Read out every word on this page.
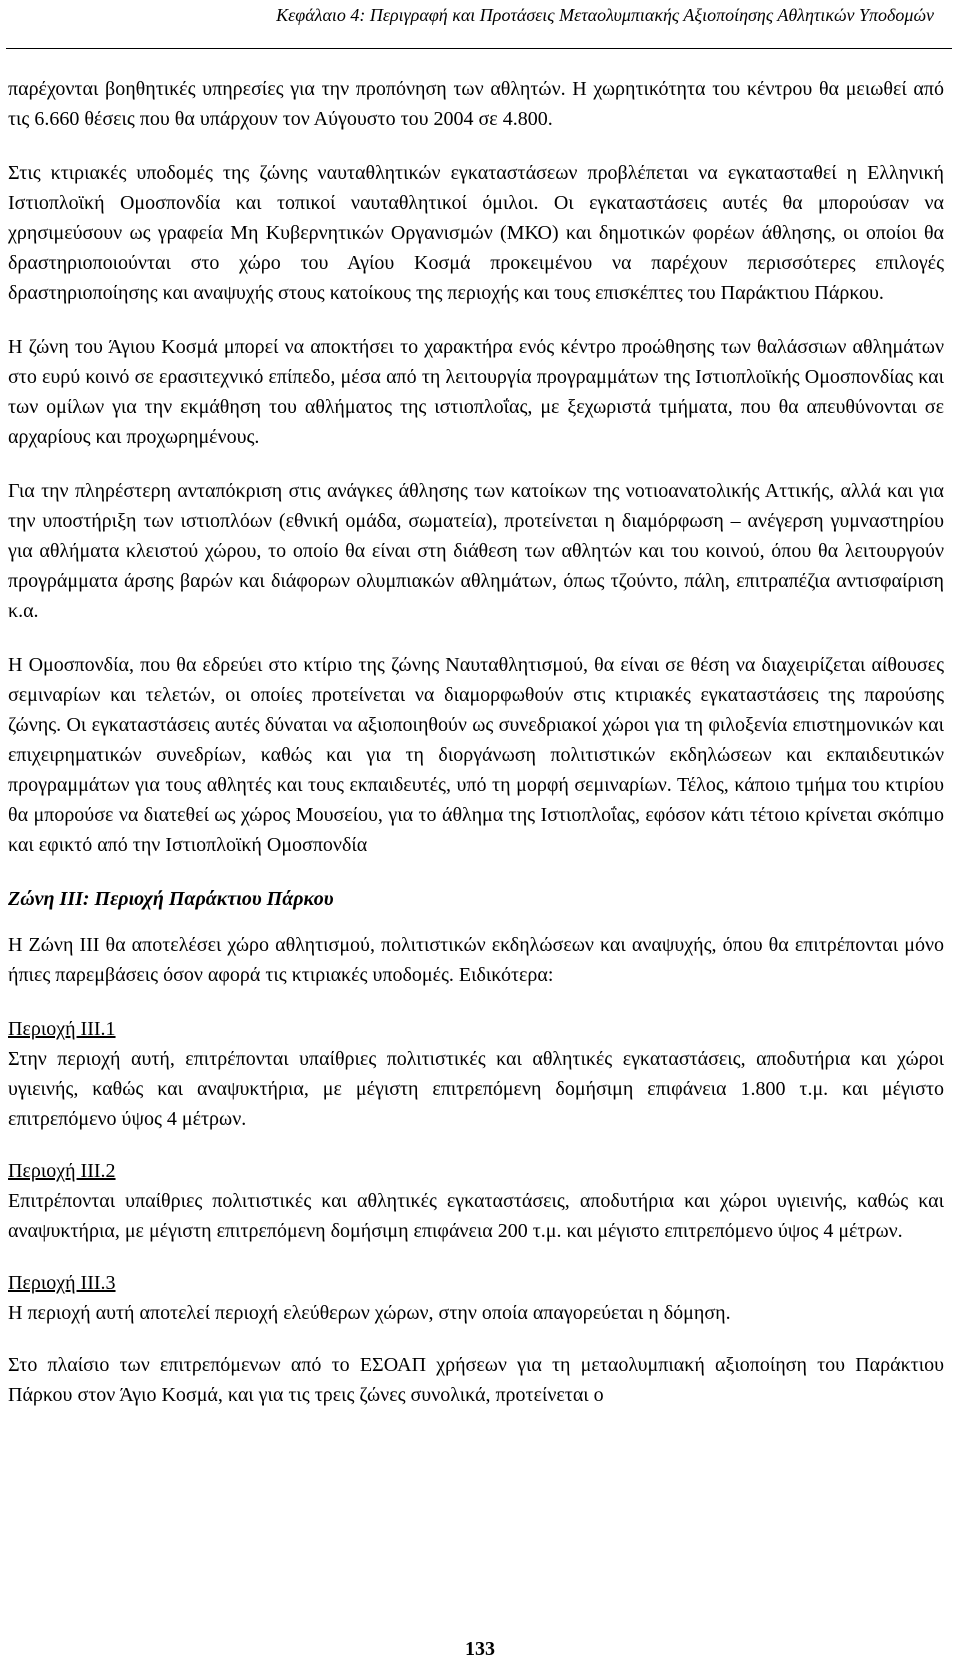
Κεφάλαιο 4: Περιγραφή και Προτάσεις Μεταολυμπιακής Αξιοποίησης Αθλητικών Υποδομών

παρέχονται βοηθητικές υπηρεσίες για την προπόνηση των αθλητών. Η χωρητικότητα του κέντρου θα μειωθεί από τις 6.660 θέσεις που θα υπάρχουν τον Αύγουστο του 2004 σε 4.800.

Στις κτιριακές υποδομές της ζώνης ναυταθλητικών εγκαταστάσεων προβλέπεται να εγκατασταθεί η Ελληνική Ιστιοπλοϊκή Ομοσπονδία και τοπικοί ναυταθλητικοί όμιλοι. Οι εγκαταστάσεις αυτές θα μπορούσαν να χρησιμεύσουν ως γραφεία Μη Κυβερνητικών Οργανισμών (ΜΚΟ) και δημοτικών φορέων άθλησης, οι οποίοι θα δραστηριοποιούνται στο χώρο του Αγίου Κοσμά προκειμένου να παρέχουν περισσότερες επιλογές δραστηριοποίησης και αναψυχής στους κατοίκους της περιοχής και τους επισκέπτες του Παράκτιου Πάρκου.

Η ζώνη του Άγιου Κοσμά μπορεί να αποκτήσει το χαρακτήρα ενός κέντρο προώθησης των θαλάσσιων αθλημάτων στο ευρύ κοινό σε ερασιτεχνικό επίπεδο, μέσα από τη λειτουργία προγραμμάτων της Ιστιοπλοϊκής Ομοσπονδίας και των ομίλων για την εκμάθηση του αθλήματος της ιστιοπλοΐας, με ξεχωριστά τμήματα, που θα απευθύνονται σε αρχαρίους και προχωρημένους.

Για την πληρέστερη ανταπόκριση στις ανάγκες άθλησης των κατοίκων της νοτιοανατολικής Αττικής, αλλά και για την υποστήριξη των ιστιοπλόων (εθνική ομάδα, σωματεία), προτείνεται η διαμόρφωση – ανέγερση γυμναστηρίου για αθλήματα κλειστού χώρου, το οποίο θα είναι στη διάθεση των αθλητών και του κοινού, όπου θα λειτουργούν προγράμματα άρσης βαρών και διάφορων ολυμπιακών αθλημάτων, όπως τζούντο, πάλη, επιτραπέζια αντισφαίριση κ.α.

Η Ομοσπονδία, που θα εδρεύει στο κτίριο της ζώνης Ναυταθλητισμού, θα είναι σε θέση να διαχειρίζεται αίθουσες σεμιναρίων και τελετών, οι οποίες προτείνεται να διαμορφωθούν στις κτιριακές εγκαταστάσεις της παρούσης ζώνης. Οι εγκαταστάσεις αυτές δύναται να αξιοποιηθούν ως συνεδριακοί χώροι για τη φιλοξενία επιστημονικών και επιχειρηματικών συνεδρίων, καθώς και για τη διοργάνωση πολιτιστικών εκδηλώσεων και εκπαιδευτικών προγραμμάτων για τους αθλητές και τους εκπαιδευτές, υπό τη μορφή σεμιναρίων. Τέλος, κάποιο τμήμα του κτιρίου θα μπορούσε να διατεθεί ως χώρος Μουσείου, για το άθλημα της Ιστιοπλοΐας, εφόσον κάτι τέτοιο κρίνεται σκόπιμο και εφικτό από την Ιστιοπλοϊκή Ομοσπονδία

Ζώνη ΙΙΙ: Περιοχή Παράκτιου Πάρκου

Η Ζώνη ΙΙΙ θα αποτελέσει χώρο αθλητισμού, πολιτιστικών εκδηλώσεων και αναψυχής, όπου θα επιτρέπονται μόνο ήπιες παρεμβάσεις όσον αφορά τις κτιριακές υποδομές. Ειδικότερα:

Περιοχή ΙΙΙ.1

Στην περιοχή αυτή, επιτρέπονται υπαίθριες πολιτιστικές και αθλητικές εγκαταστάσεις, αποδυτήρια και χώροι υγιεινής, καθώς και αναψυκτήρια, με μέγιστη επιτρεπόμενη δομήσιμη επιφάνεια 1.800 τ.μ. και μέγιστο επιτρεπόμενο ύψος 4 μέτρων.

Περιοχή ΙΙΙ.2

Επιτρέπονται υπαίθριες πολιτιστικές και αθλητικές εγκαταστάσεις, αποδυτήρια και χώροι υγιεινής, καθώς και αναψυκτήρια, με μέγιστη επιτρεπόμενη δομήσιμη επιφάνεια 200 τ.μ. και μέγιστο επιτρεπόμενο ύψος 4 μέτρων.

Περιοχή ΙΙΙ.3

Η περιοχή αυτή αποτελεί περιοχή ελεύθερων χώρων, στην οποία απαγορεύεται η δόμηση.

Στο πλαίσιο των επιτρεπόμενων από το ΕΣΟΑΠ χρήσεων για τη μεταολυμπιακή αξιοποίηση του Παράκτιου Πάρκου στον Άγιο Κοσμά, και για τις τρεις ζώνες συνολικά, προτείνεται ο

133
